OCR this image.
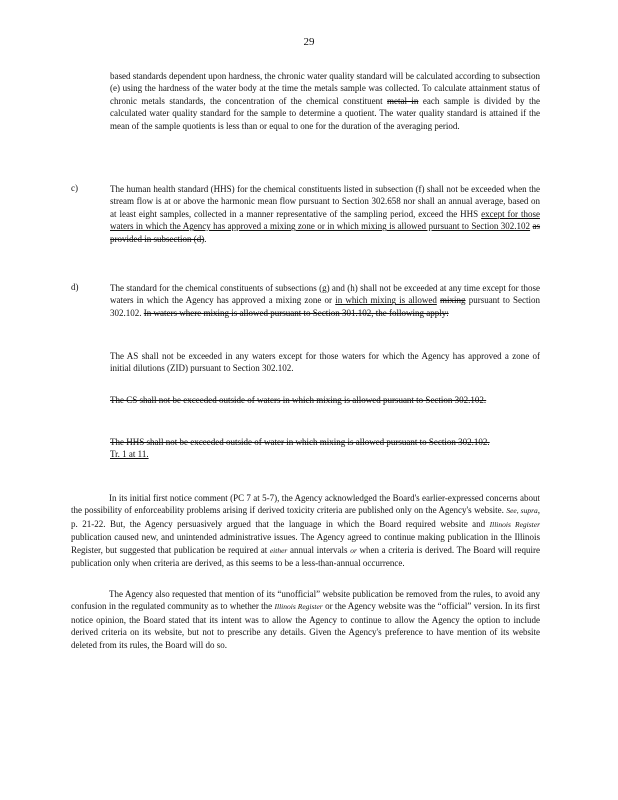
29
based standards dependent upon hardness, the chronic water quality standard will be calculated according to subsection (e) using the hardness of the water body at the time the metals sample was collected. To calculate attainment status of chronic metals standards, the concentration of the chemical constituent metal in each sample is divided by the calculated water quality standard for the sample to determine a quotient. The water quality standard is attained if the mean of the sample quotients is less than or equal to one for the duration of the averaging period.
c)	The human health standard (HHS) for the chemical constituents listed in subsection (f) shall not be exceeded when the stream flow is at or above the harmonic mean flow pursuant to Section 302.658 nor shall an annual average, based on at least eight samples, collected in a manner representative of the sampling period, exceed the HHS except for those waters in which the Agency has approved a mixing zone or in which mixing is allowed pursuant to Section 302.102 as provided in subsection (d).
d)	The standard for the chemical constituents of subsections (g) and (h) shall not be exceeded at any time except for those waters in which the Agency has approved a mixing zone or in which mixing is allowed mixing pursuant to Section 302.102. In waters where mixing is allowed pursuant to Section 301.102, the following apply:
The AS shall not be exceeded in any waters except for those waters for which the Agency has approved a zone of initial dilutions (ZID) pursuant to Section 302.102.
The CS shall not be exceeded outside of waters in which mixing is allowed pursuant to Section 302.102.
The HHS shall not be exceeded outside of water in which mixing is allowed pursuant to Section 302.102.
Tr. 1 at 11.
In its initial first notice comment (PC 7 at 5-7), the Agency acknowledged the Board's earlier-expressed concerns about the possibility of enforceability problems arising if derived toxicity criteria are published only on the Agency's website. See, supra, p. 21-22. But, the Agency persuasively argued that the language in which the Board required website and Illinois Register publication caused new, and unintended administrative issues. The Agency agreed to continue making publication in the Illinois Register, but suggested that publication be required at either annual intervals or when a criteria is derived. The Board will require publication only when criteria are derived, as this seems to be a less-than-annual occurrence.
The Agency also requested that mention of its “unofficial” website publication be removed from the rules, to avoid any confusion in the regulated community as to whether the Illinois Register or the Agency website was the “official” version. In its first notice opinion, the Board stated that its intent was to allow the Agency to continue to allow the Agency the option to include derived criteria on its website, but not to prescribe any details. Given the Agency's preference to have mention of its website deleted from its rules, the Board will do so.
